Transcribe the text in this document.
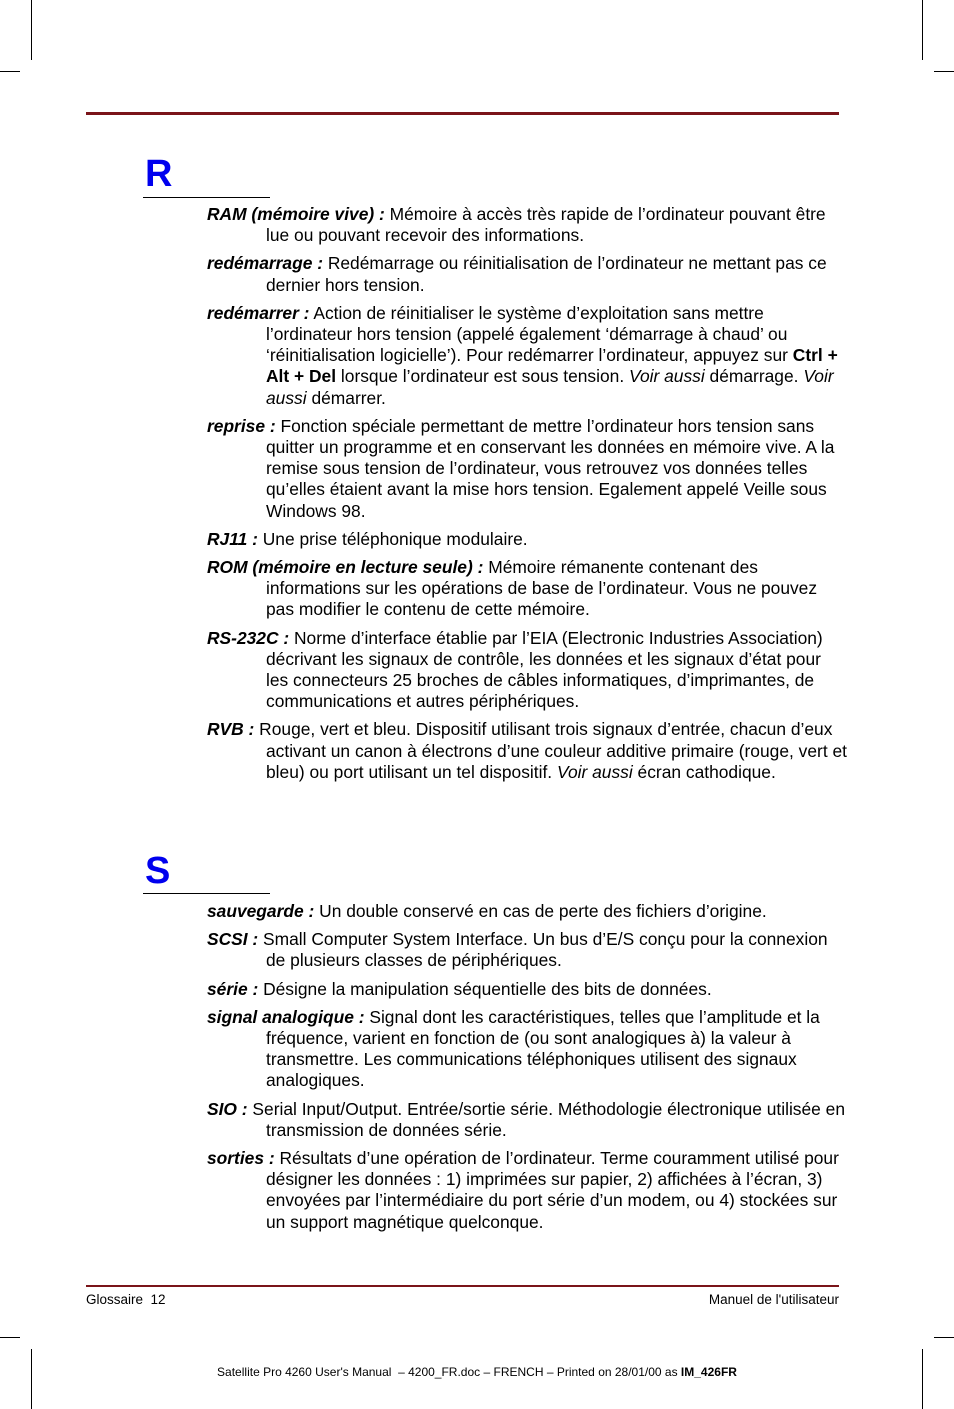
R

RAM (mémoire vive) : Mémoire à accès très rapide de l’ordinateur pouvant être lue ou pouvant recevoir des informations.

redémarrage : Redémarrage ou réinitialisation de l’ordinateur ne mettant pas ce dernier hors tension.

redémarrer : Action de réinitialiser le système d’exploitation sans mettre l’ordinateur hors tension (appelé également ‘démarrage à chaud’ ou ‘réinitialisation logicielle’). Pour redémarrer l’ordinateur, appuyez sur Ctrl + Alt + Del lorsque l’ordinateur est sous tension. Voir aussi démarrage. Voir aussi démarrer.

reprise : Fonction spéciale permettant de mettre l’ordinateur hors tension sans quitter un programme et en conservant les données en mémoire vive. A la remise sous tension de l’ordinateur, vous retrouvez vos données telles qu’elles étaient avant la mise hors tension. Egalement appelé Veille sous Windows 98.

RJ11 : Une prise téléphonique modulaire.

ROM (mémoire en lecture seule) : Mémoire rémanente contenant des informations sur les opérations de base de l’ordinateur. Vous ne pouvez pas modifier le contenu de cette mémoire.

RS-232C : Norme d’interface établie par l’EIA (Electronic Industries Association) décrivant les signaux de contrôle, les données et les signaux d’état pour les connecteurs 25 broches de câbles informatiques, d’imprimantes, de communications et autres périphériques.

RVB : Rouge, vert et bleu. Dispositif utilisant trois signaux d’entrée, chacun d’eux activant un canon à électrons d’une couleur additive primaire (rouge, vert et bleu) ou port utilisant un tel dispositif. Voir aussi écran cathodique.

S

sauvegarde : Un double conservé en cas de perte des fichiers d’origine.

SCSI : Small Computer System Interface. Un bus d’E/S conçu pour la connexion de plusieurs classes de périphériques.

série : Désigne la manipulation séquentielle des bits de données.

signal analogique : Signal dont les caractéristiques, telles que l’amplitude et la fréquence, varient en fonction de (ou sont analogiques à) la valeur à transmettre. Les communications téléphoniques utilisent des signaux analogiques.

SIO : Serial Input/Output. Entrée/sortie série. Méthodologie électronique utilisée en transmission de données série.

sorties : Résultats d’une opération de l’ordinateur. Terme couramment utilisé pour désigner les données : 1) imprimées sur papier, 2) affichées à l’écran, 3) envoyées par l’intermédiaire du port série d’un modem, ou 4) stockées sur un support magnétique quelconque.

Glossaire  12	Manuel de l'utilisateur
Satellite Pro 4260 User's Manual  – 4200_FR.doc – FRENCH – Printed on 28/01/00 as IM_426FR
